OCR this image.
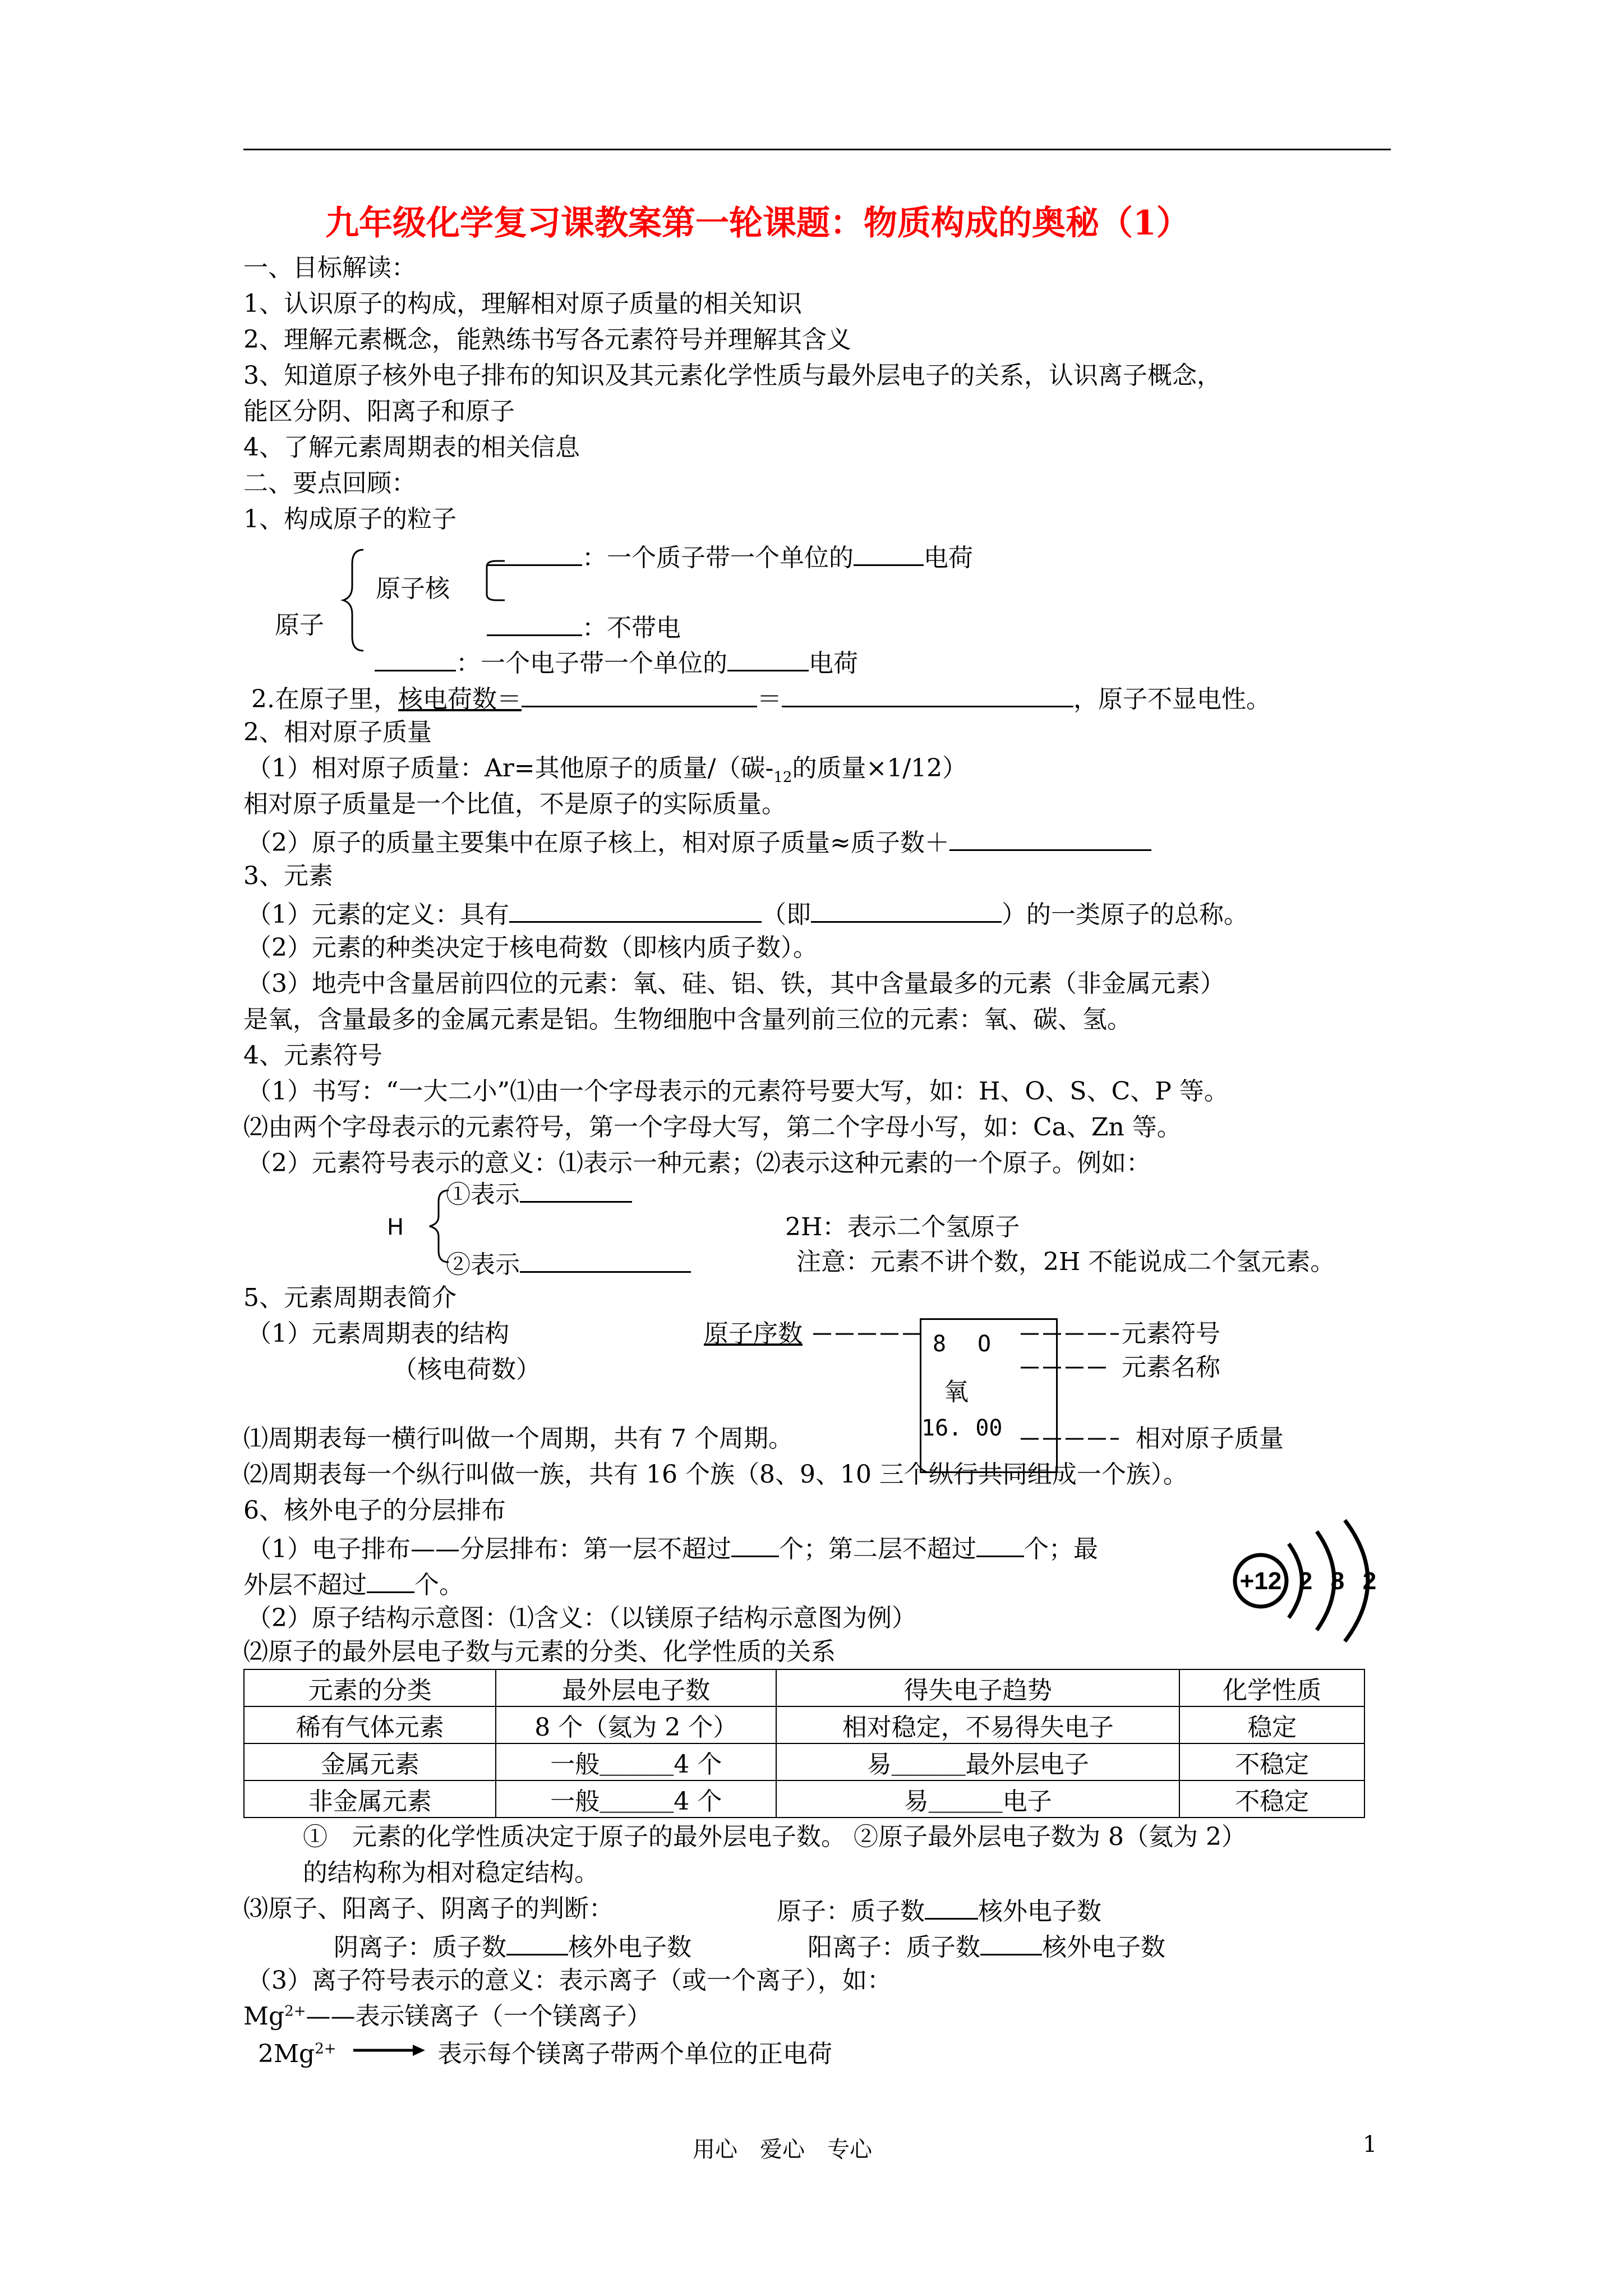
九年级化学复习课教案第一轮课题：物质构成的奥秘（1）
一、目标解读：
1、认识原子的构成，理解相对原子质量的相关知识
2、理解元素概念，能熟练书写各元素符号并理解其含义
3、知道原子核外电子排布的知识及其元素化学性质与最外层电子的关系，认识离子概念，
能区分阴、阳离子和原子
4、了解元素周期表的相关信息
二、要点回顾：
1、构成原子的粒子
原子
原子核
：一个质子带一个单位的	电荷
：不带电
：一个电子带一个单位的	电荷
2.在原子里，核电荷数＝	＝	，原子不显电性。
2、相对原子质量
（1）相对原子质量：Ar=其他原子的质量/（碳$-_{12}$的质量×1/12）
相对原子质量是一个比值，不是原子的实际质量。
（2）原子的质量主要集中在原子核上，相对原子质量≈质子数＋
3、元素
（1）元素的定义：具有	（即	）的一类原子的总称。
（2）元素的种类决定于核电荷数（即核内质子数）。
（3）地壳中含量居前四位的元素：氧、硅、铝、铁，其中含量最多的元素（非金属元素）
是氧，含量最多的金属元素是铝。生物细胞中含量列前三位的元素：氧、碳、氢。
4、元素符号
（1）书写：“一大二小”⑴由一个字母表示的元素符号要大写，如：H、O、S、C、P 等。
⑵由两个字母表示的元素符号，第一个字母大写，第二个字母小写，如：Ca、Zn 等。
（2）元素符号表示的意义：⑴表示一种元素；⑵表示这种元素的一个原子。例如：
H
①表示
②表示
2H：表示二个氢原子
注意：元素不讲个数，2H 不能说成二个氢元素。
5、元素周期表简介
（1）元素周期表的结构
（核电荷数）
原子序数	8 O
氧
16. 00
元素符号
元素名称
相对原子质量
⑴周期表每一横行叫做一个周期，共有 7 个周期。
⑵周期表每一个纵行叫做一族，共有 16 个族（8、9、10 三个纵行共同组成一个族）。
6、核外电子的分层排布
（1）电子排布——分层排布：第一层不超过 个；第二层不超过 个；最
外层不超过 个。
（2）原子结构示意图：⑴含义：（以镁原子结构示意图为例）
⑵原子的最外层电子数与元素的分类、化学性质的关系
+12 2 8 2
元素的分类	最外层电子数	得失电子趋势	化学性质
稀有气体元素	8 个（氦为 2 个）	相对稳定，不易得失电子	稳定
金属元素	一般＿＿＿4 个	易＿＿＿最外层电子	不稳定
非金属元素	一般＿＿＿4 个	易＿＿＿电子	不稳定
①　元素的化学性质决定于原子的最外层电子数。 ②原子最外层电子数为 8（氦为 2）
的结构称为相对稳定结构。
⑶原子、阳离子、阴离子的判断：	原子：质子数 核外电子数
阴离子：质子数	核外电子数	阳离子：质子数	核外电子数
（3）离子符号表示的意义：表示离子（或一个离子），如：
$Mg^{2+}——$表示镁离子（一个镁离子）
$2Mg^{2+}$	表示每个镁离子带两个单位的正电荷
用心　爱心　专心	1
